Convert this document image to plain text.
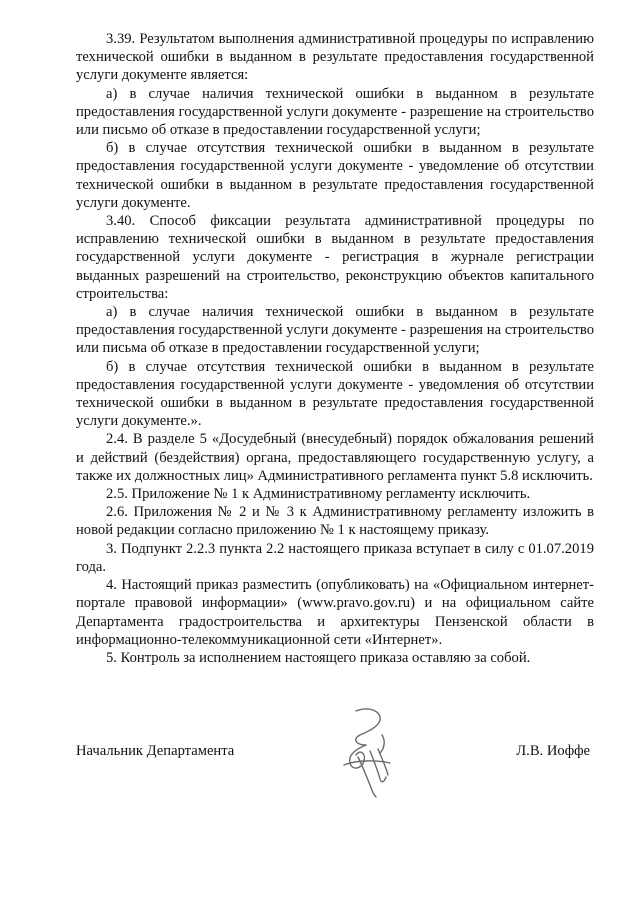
3.39. Результатом выполнения административной процедуры по исправлению технической ошибки в выданном в результате предоставления государственной услуги документе является:

а) в случае наличия технической ошибки в выданном в результате предоставления государственной услуги документе - разрешение на строительство или письмо об отказе в предоставлении государственной услуги;

б) в случае отсутствия технической ошибки в выданном в результате предоставления государственной услуги документе - уведомление об отсутствии технической ошибки в выданном в результате предоставления государственной услуги документе.

3.40. Способ фиксации результата административной процедуры по исправлению технической ошибки в выданном в результате предоставления государственной услуги документе - регистрация в журнале регистрации выданных разрешений на строительство, реконструкцию объектов капитального строительства:

а) в случае наличия технической ошибки в выданном в результате предоставления государственной услуги документе - разрешения на строительство или письма об отказе в предоставлении государственной услуги;

б) в случае отсутствия технической ошибки в выданном в результате предоставления государственной услуги документе - уведомления об отсутствии технической ошибки в выданном в результате предоставления государственной услуги документе.».

2.4. В разделе 5 «Досудебный (внесудебный) порядок обжалования решений и действий (бездействия) органа, предоставляющего государственную услугу, а также их должностных лиц» Административного регламента пункт 5.8 исключить.

2.5. Приложение № 1 к Административному регламенту исключить.

2.6. Приложения № 2 и № 3 к Административному регламенту изложить в новой редакции согласно приложению № 1 к настоящему приказу.

3. Подпункт 2.2.3 пункта 2.2 настоящего приказа вступает в силу с 01.07.2019 года.

4. Настоящий приказ разместить (опубликовать) на «Официальном интернет-портале правовой информации» (www.pravo.gov.ru) и на официальном сайте Департамента градостроительства и архитектуры Пензенской области в информационно-телекоммуникационной сети «Интернет».

5. Контроль за исполнением настоящего приказа оставляю за собой.

Начальник Департамента	Л.В. Иоффе
